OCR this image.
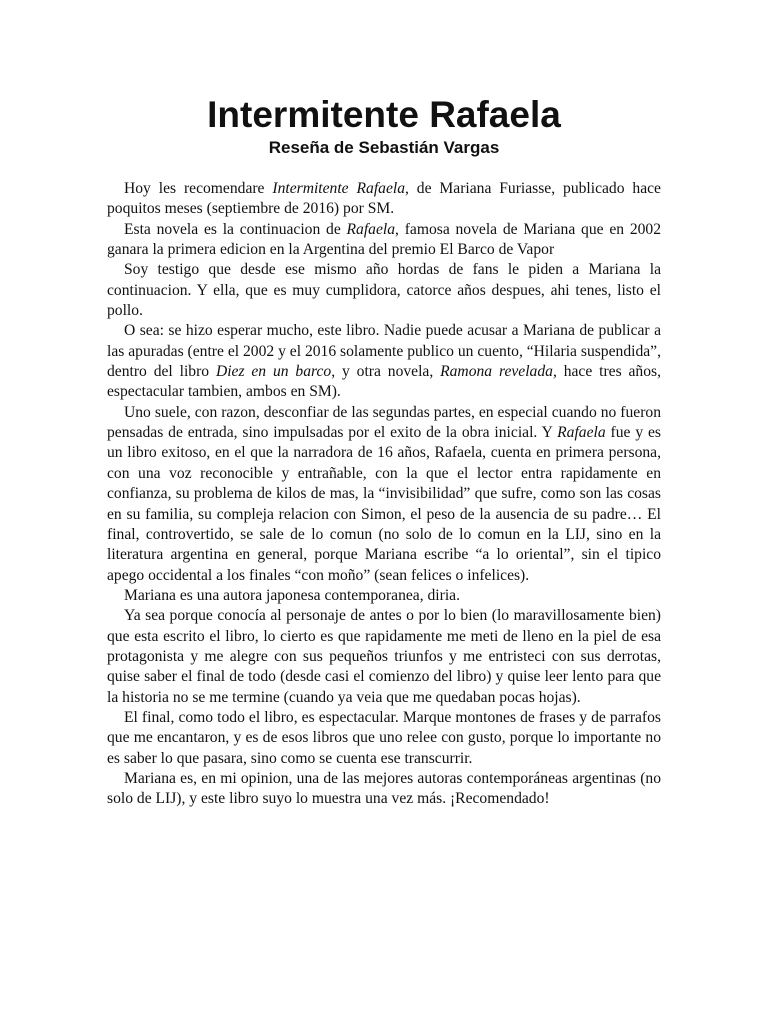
Intermitente Rafaela
Reseña de Sebastián Vargas

Hoy les recomendare Intermitente Rafaela, de Mariana Furiasse, publicado hace poquitos meses (septiembre de 2016) por SM.

Esta novela es la continuacion de Rafaela, famosa novela de Mariana que en 2002 ganara la primera edicion en la Argentina del premio El Barco de Vapor

Soy testigo que desde ese mismo año hordas de fans le piden a Mariana la continuacion. Y ella, que es muy cumplidora, catorce años despues, ahi tenes, listo el pollo.

O sea: se hizo esperar mucho, este libro. Nadie puede acusar a Mariana de publicar a las apuradas (entre el 2002 y el 2016 solamente publico un cuento, “Hilaria suspendida”, dentro del libro Diez en un barco, y otra novela, Ramona revelada, hace tres años, espectacular tambien, ambos en SM).

Uno suele, con razon, desconfiar de las segundas partes, en especial cuando no fueron pensadas de entrada, sino impulsadas por el exito de la obra inicial. Y Rafaela fue y es un libro exitoso, en el que la narradora de 16 años, Rafaela, cuenta en primera persona, con una voz reconocible y entrañable, con la que el lector entra rapidamente en confianza, su problema de kilos de mas, la “invisibilidad” que sufre, como son las cosas en su familia, su compleja relacion con Simon, el peso de la ausencia de su padre… El final, controvertido, se sale de lo comun (no solo de lo comun en la LIJ, sino en la literatura argentina en general, porque Mariana escribe “a lo oriental”, sin el tipico apego occidental a los finales “con moño” (sean felices o infelices).

Mariana es una autora japonesa contemporanea, diria.

Ya sea porque conocía al personaje de antes o por lo bien (lo maravillosamente bien) que esta escrito el libro, lo cierto es que rapidamente me meti de lleno en la piel de esa protagonista y me alegre con sus pequeños triunfos y me entristeci con sus derrotas, quise saber el final de todo (desde casi el comienzo del libro) y quise leer lento para que la historia no se me termine (cuando ya veia que me quedaban pocas hojas).

El final, como todo el libro, es espectacular. Marque montones de frases y de parrafos que me encantaron, y es de esos libros que uno relee con gusto, porque lo importante no es saber lo que pasara, sino como se cuenta ese transcurrir.

Mariana es, en mi opinion, una de las mejores autoras contemporáneas argentinas (no solo de LIJ), y este libro suyo lo muestra una vez más. ¡Recomendado!
